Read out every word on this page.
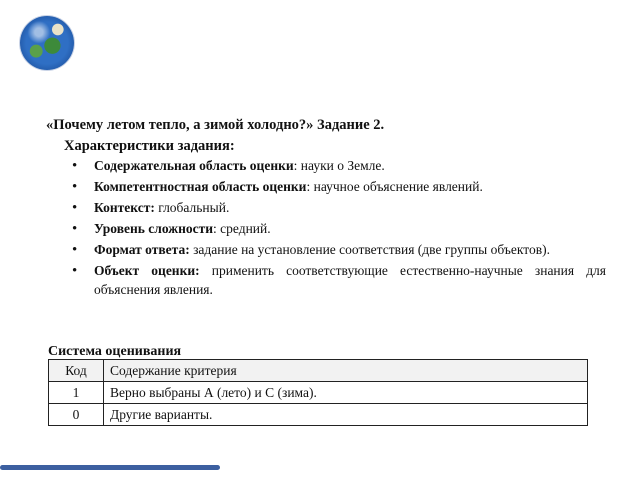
«Почему летом тепло, а зимой холодно?» Задание 2.

Характеристики задания:

• Содержательная область оценки: науки о Земле.
• Компетентностная область оценки: научное объяснение явлений.
• Контекст: глобальный.
• Уровень сложности: средний.
• Формат ответа: задание на установление соответствия (две группы объектов).
• Объект оценки: применить соответствующие естественно-научные знания для объяснения явления.

Система оценивания

Код	Содержание критерия
1	Верно выбраны А (лето) и С (зима).
0	Другие варианты.
